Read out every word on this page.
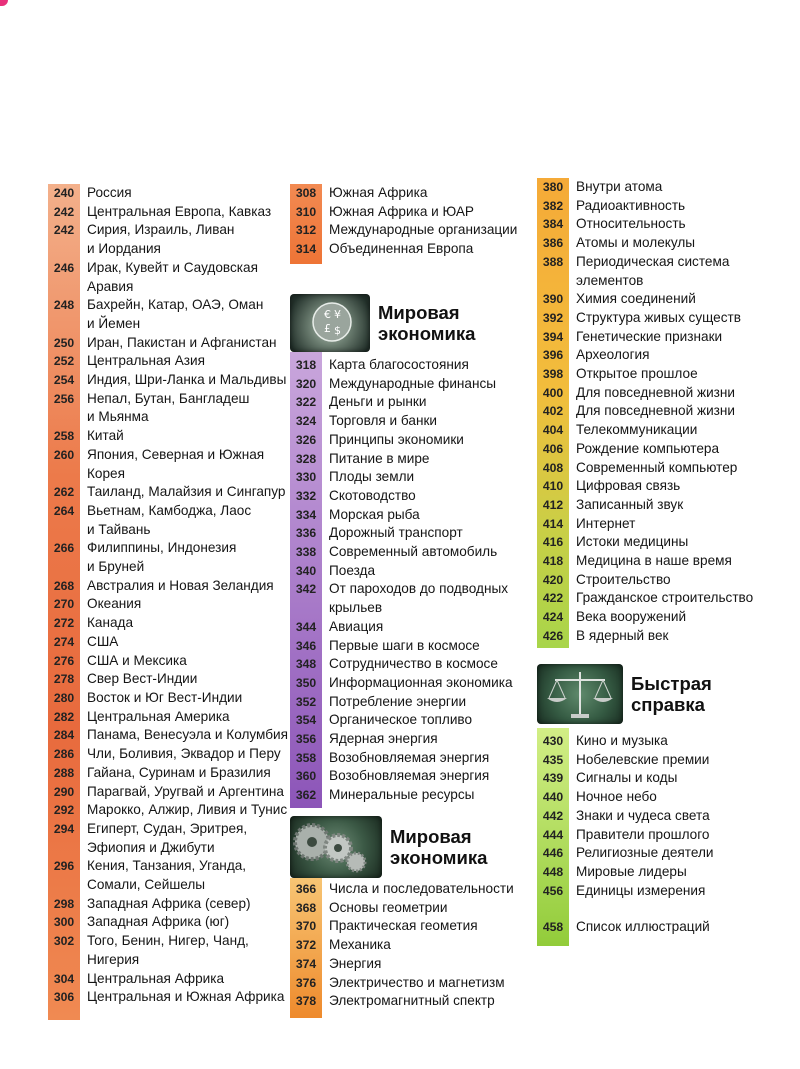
240 Россия
242 Центральная Европа, Кавказ
242 Сирия, Израиль, Ливан
и Иордания
246 Ирак, Кувейт и Саудовская
Аравия
248 Бахрейн, Катар, ОАЭ, Оман
и Йемен
250 Иран, Пакистан и Афганистан
252 Центральная Азия
254 Индия, Шри-Ланка и Мальдивы
256 Непал, Бутан, Бангладеш
и Мьянма
258 Китай
260 Япония, Северная и Южная
Корея
262 Таиланд, Малайзия и Сингапур
264 Вьетнам, Камбоджа, Лаос
и Тайвань
266 Филиппины, Индонезия
и Бруней
268 Австралия и Новая Зеландия
270 Океания
272 Канада
274 США
276 США и Мексика
278 Свер Вест-Индии
280 Восток и Юг Вест-Индии
282 Центральная Америка
284 Панама, Венесуэла и Колумбия
286 Чли, Боливия, Эквадор и Перу
288 Гайана, Суринам и Бразилия
290 Парагвай, Уругвай и Аргентина
292 Марокко, Алжир, Ливия и Тунис
294 Египерт, Судан, Эритрея,
Эфиопия и Джибути
296 Кения, Танзания, Уганда,
Сомали, Сейшелы
298 Западная Африка (север)
300 Западная Африка (юг)
302 Того, Бенин, Нигер, Чанд,
Нигерия
304 Центральная Африка
306 Центральная и Южная Африка
308 Южная Африка
310 Южная Африка и ЮАР
312 Международные организации
314 Объединенная Европа
€ ¥
£ $
Мировая
экономика
318 Карта благосостояния
320 Международные финансы
322 Деньги и рынки
324 Торговля и банки
326 Принципы экономики
328 Питание в мире
330 Плоды земли
332 Скотоводство
334 Морская рыба
336 Дорожный транспорт
338 Современный автомобиль
340 Поезда
342 От пароходов до подводных
крыльев
344 Авиация
346 Первые шаги в космосе
348 Сотрудничество в космосе
350 Информационная экономика
352 Потребление энергии
354 Органическое топливо
356 Ядерная энергия
358 Возобновляемая энергия
360 Возобновляемая энергия
362 Минеральные ресурсы
Мировая
экономика
366 Числа и последовательности
368 Основы геометрии
370 Практическая геометия
372 Механика
374 Энергия
376 Электричество и магнетизм
378 Электромагнитный спектр
380 Внутри атома
382 Радиоактивность
384 Относительность
386 Атомы и молекулы
388 Периодическая система
элементов
390 Химия соединений
392 Структура живых существ
394 Генетические признаки
396 Археология
398 Открытое прошлое
400 Для повседневной жизни
402 Для повседневной жизни
404 Телекоммуникации
406 Рождение компьютера
408 Современный компьютер
410 Цифровая связь
412 Записанный звук
414 Интернет
416 Истоки медицины
418 Медицина в наше время
420 Строительство
422 Гражданское строительство
424 Века вооружений
426 В ядерный век
Быстрая
справка
430 Кино и музыка
435 Нобелевские премии
439 Сигналы и коды
440 Ночное небо
442 Знаки и чудеса света
444 Правители прошлого
446 Религиозные деятели
448 Мировые лидеры
456 Единицы измерения
458 Список иллюстраций
